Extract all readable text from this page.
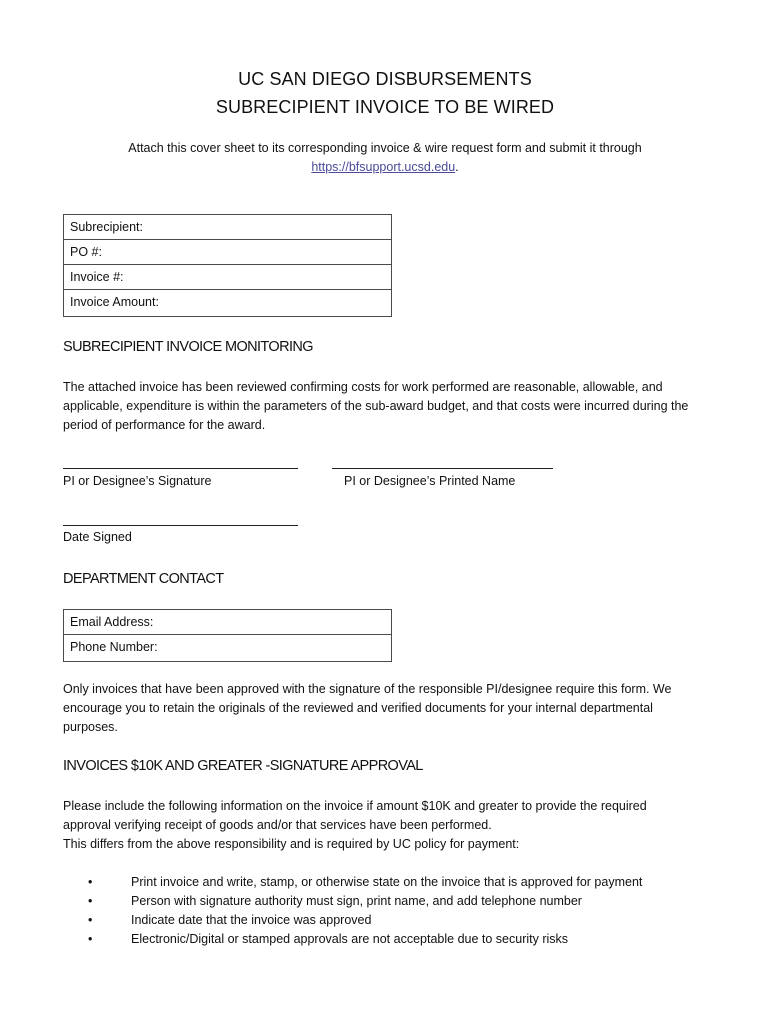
UC SAN DIEGO DISBURSEMENTS
SUBRECIPIENT INVOICE TO BE WIRED
Attach this cover sheet to its corresponding invoice & wire request form and submit it through
https://bfsupport.ucsd.edu.
Subrecipient:
PO #:
Invoice #:
Invoice Amount:
SUBRECIPIENT INVOICE MONITORING
The attached invoice has been reviewed confirming costs for work performed are reasonable, allowable, and applicable, expenditure is within the parameters of the sub-award budget, and that costs were incurred during the period of performance for the award.
PI or Designee’s Signature	PI or Designee’s Printed Name
Date Signed
DEPARTMENT CONTACT
Email Address:
Phone Number:
Only invoices that have been approved with the signature of the responsible PI/designee require this form. We encourage you to retain the originals of the reviewed and verified documents for your internal departmental purposes.
INVOICES $10K AND GREATER -SIGNATURE APPROVAL
Please include the following information on the invoice if amount $10K and greater to provide the required approval verifying receipt of goods and/or that services have been performed.
This differs from the above responsibility and is required by UC policy for payment:
•	Print invoice and write, stamp, or otherwise state on the invoice that is approved for payment
•	Person with signature authority must sign, print name, and add telephone number
•	Indicate date that the invoice was approved
•	Electronic/Digital or stamped approvals are not acceptable due to security risks
